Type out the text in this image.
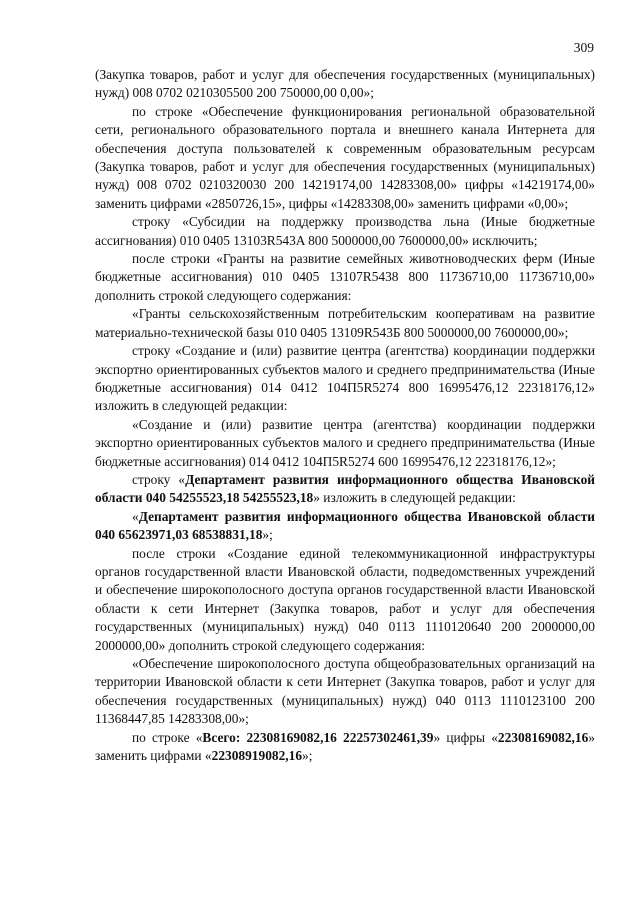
309

(Закупка товаров, работ и услуг для обеспечения государственных (муниципальных) нужд) 008 0702 0210305500 200 750000,00 0,00»;

по строке «Обеспечение функционирования региональной образовательной сети, регионального образовательного портала и внешнего канала Интернета для обеспечения доступа пользователей к современным образовательным ресурсам (Закупка товаров, работ и услуг для обеспечения государственных (муниципальных) нужд) 008 0702 0210320030 200 14219174,00 14283308,00» цифры «14219174,00» заменить цифрами «2850726,15», цифры «14283308,00» заменить цифрами «0,00»;

строку «Субсидии на поддержку производства льна (Иные бюджетные ассигнования) 010 0405 13103R543A 800 5000000,00 7600000,00» исключить;

после строки «Гранты на развитие семейных животноводческих ферм (Иные бюджетные ассигнования) 010 0405 13107R5438 800 11736710,00 11736710,00» дополнить строкой следующего содержания:

«Гранты сельскохозяйственным потребительским кооперативам на развитие материально-технической базы 010 0405 13109R543Б 800 5000000,00 7600000,00»;

строку «Создание и (или) развитие центра (агентства) координации поддержки экспортно ориентированных субъектов малого и среднего предпринимательства (Иные бюджетные ассигнования) 014 0412 104П5R5274 800 16995476,12 22318176,12» изложить в следующей редакции:

«Создание и (или) развитие центра (агентства) координации поддержки экспортно ориентированных субъектов малого и среднего предпринимательства (Иные бюджетные ассигнования) 014 0412 104П5R5274 600 16995476,12 22318176,12»;

строку «Департамент развития информационного общества Ивановской области 040 54255523,18 54255523,18» изложить в следующей редакции:

«Департамент развития информационного общества Ивановской области 040 65623971,03 68538831,18»;

после строки «Создание единой телекоммуникационной инфраструктуры органов государственной власти Ивановской области, подведомственных учреждений и обеспечение широкополосного доступа органов государственной власти Ивановской области к сети Интернет (Закупка товаров, работ и услуг для обеспечения государственных (муниципальных) нужд) 040 0113 1110120640 200 2000000,00 2000000,00» дополнить строкой следующего содержания:

«Обеспечение широкополосного доступа общеобразовательных организаций на территории Ивановской области к сети Интернет (Закупка товаров, работ и услуг для обеспечения государственных (муниципальных) нужд) 040 0113 1110123100 200 11368447,85 14283308,00»;

по строке «Всего: 22308169082,16 22257302461,39» цифры «22308169082,16» заменить цифрами «22308919082,16»;
